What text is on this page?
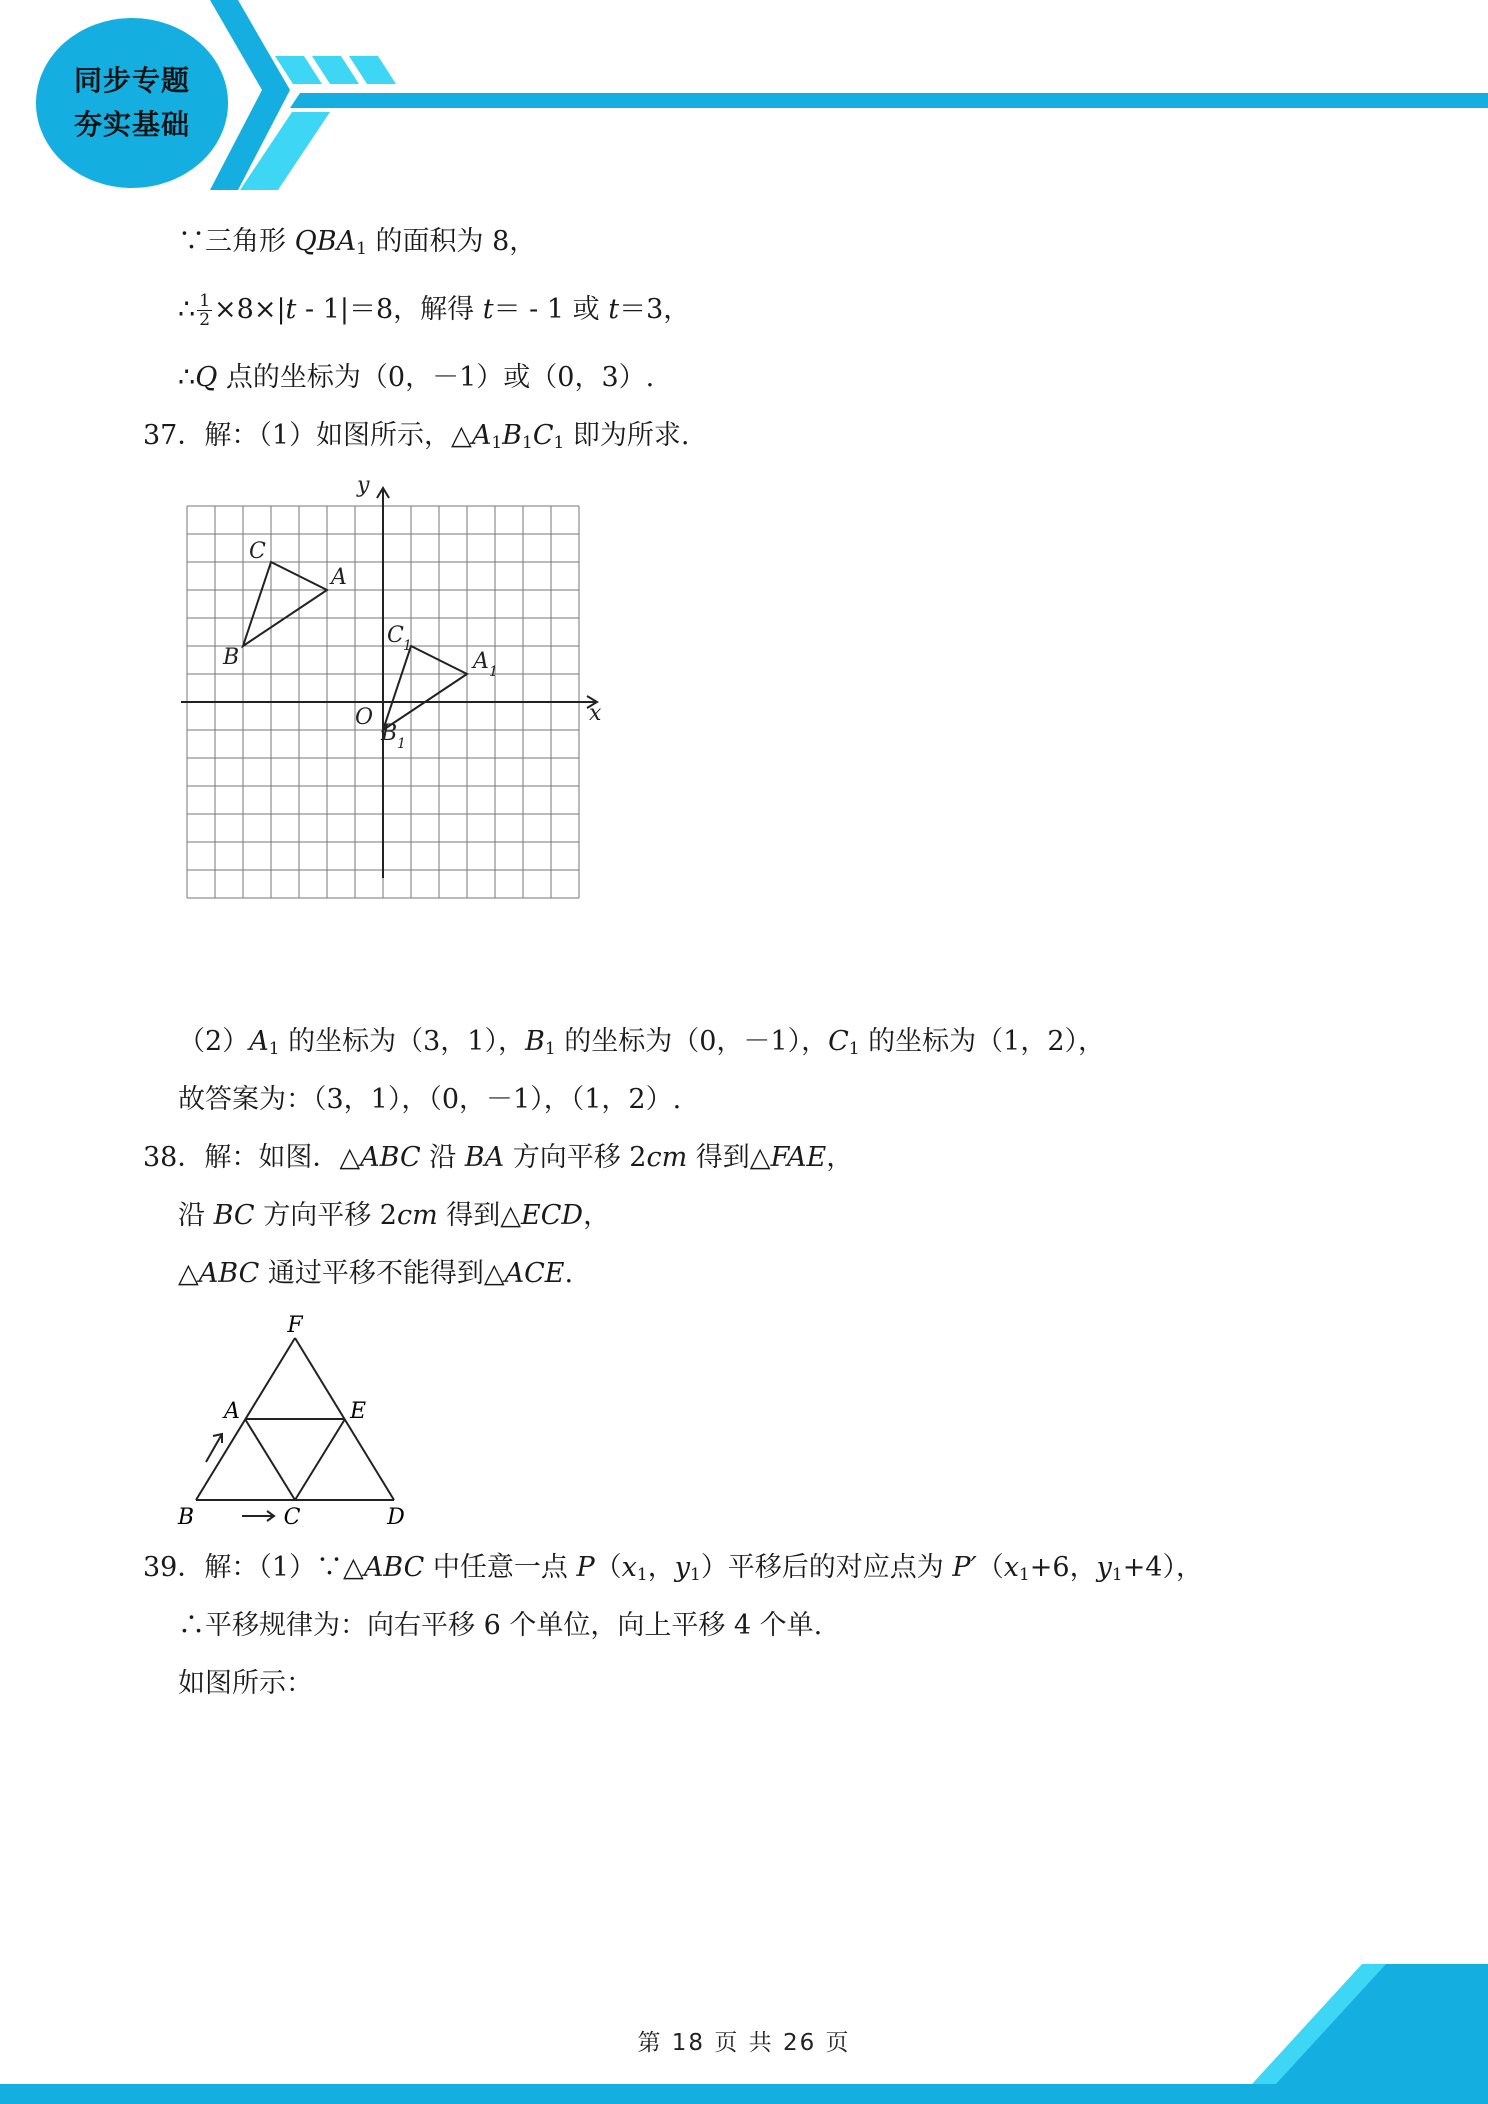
同步专题
夯实基础
∵三角形 $QBA_1$ 的面积为 8，
∴ $\frac{1}{2} \times 8\times|t - 1|=8$，解得 t＝ - 1 或 t＝3，
∴Q 点的坐标为（0，－1）或（0，3）.
37．解：（1）如图所示，$\triangle A_1B_1C_1$ 即为所求.
y
x
O
A
B
C
A 1
B 1
C 1
$(2)A_1$ 的坐标为（3，1），$B_1$ 的坐标为（0，－1），$C_1$ 的坐标为（1，2），
故答案为：（3，1），（0，－1），（1，2）.
38．解：如图．△ABC 沿 BA 方向平移 2cm 得到△FAE，
沿 BC 方向平移 2cm 得到△ECD，
△ABC 通过平移不能得到△ACE.
F
A	E
B	C	D
39．解：（1）∵△ABC 中任意一点 $P(x_1$，$y_1$）平移后的对应点为 $P'(x_1+6$，$y_1+4$），
∴平移规律为：向右平移 6 个单位，向上平移 4 个单.
如图所示：
第 18 页 共 26 页
